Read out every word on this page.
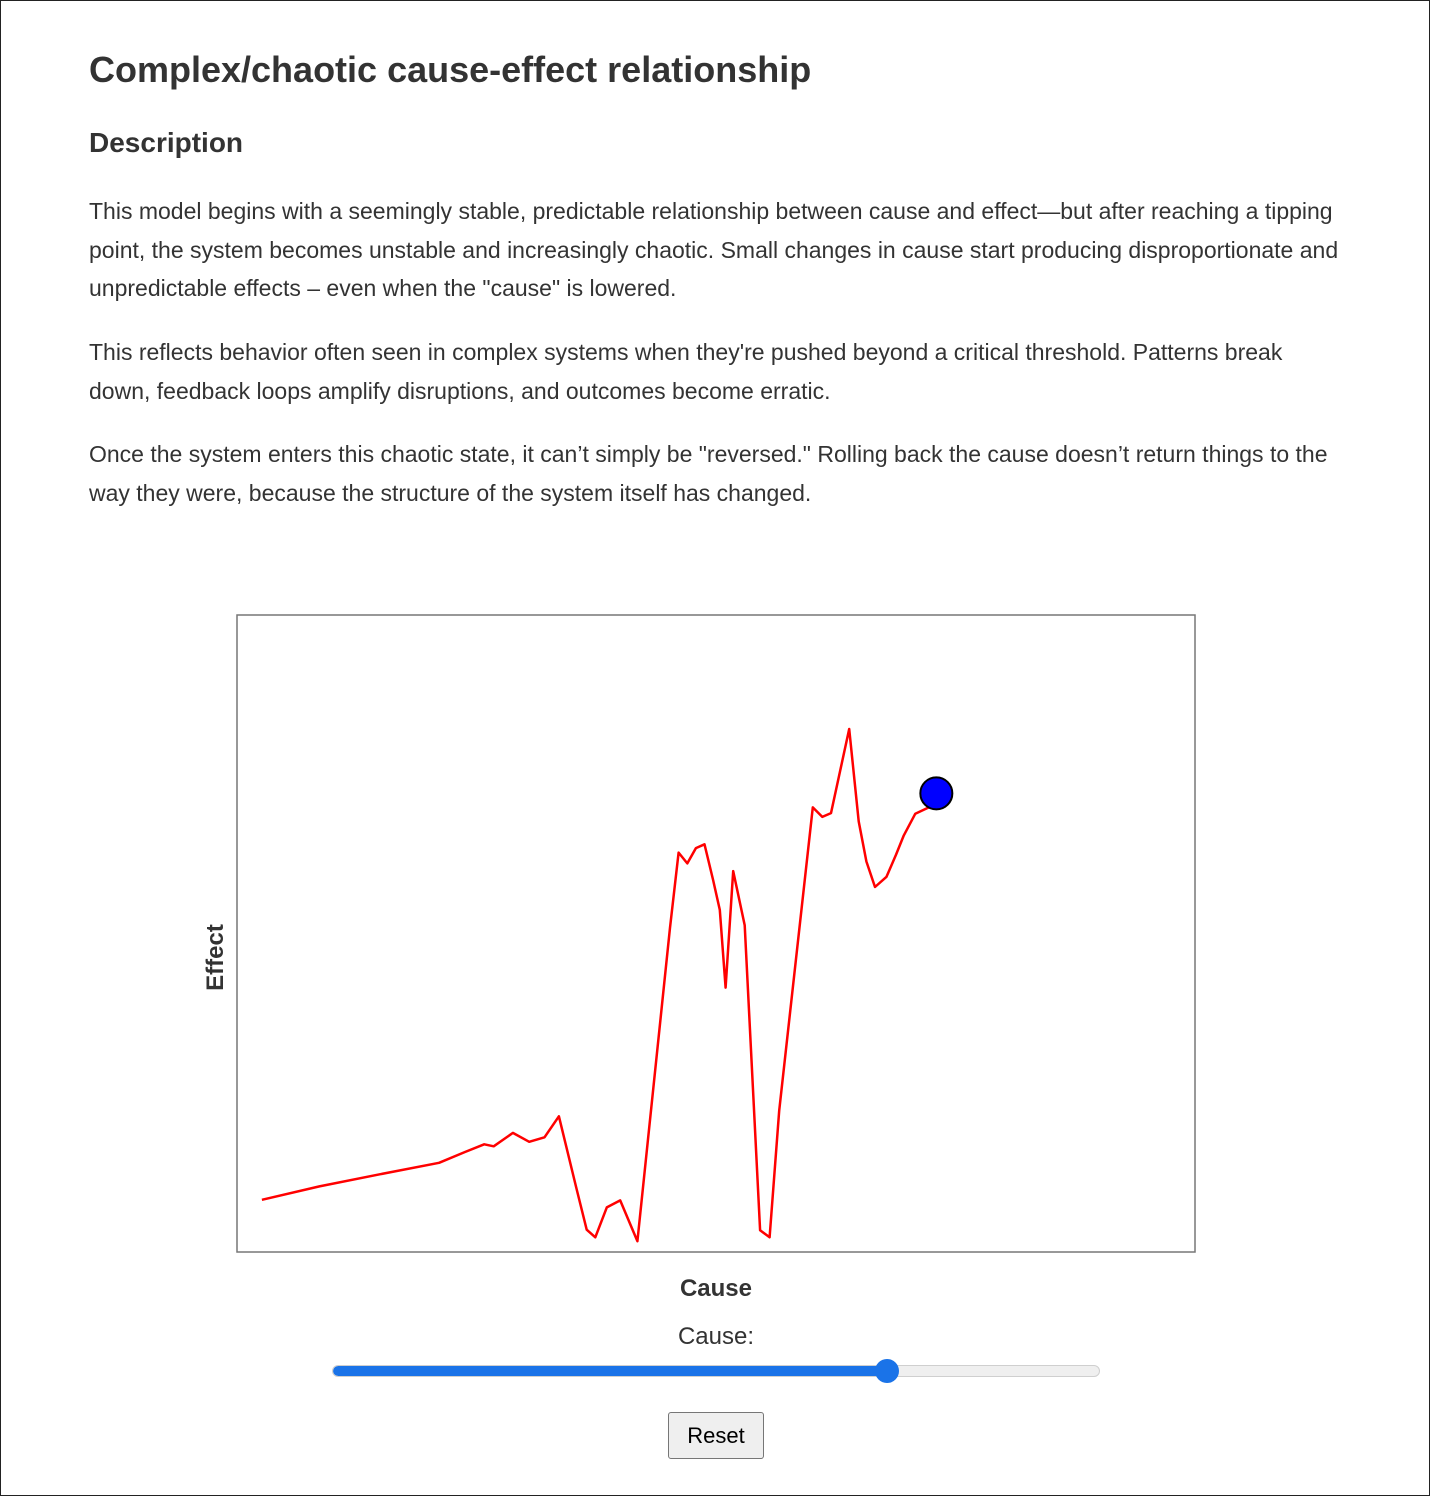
Complex/chaotic cause-effect relationship
Description

This model begins with a seemingly stable, predictable relationship between cause and effect—but after reaching a tipping point, the system becomes unstable and increasingly chaotic. Small changes in cause start producing disproportionate and unpredictable effects – even when the "cause" is lowered.

This reflects behavior often seen in complex systems when they're pushed beyond a critical threshold. Patterns break down, feedback loops amplify disruptions, and outcomes become erratic.

Once the system enters this chaotic state, it can’t simply be "reversed." Rolling back the cause doesn’t return things to the way they were, because the structure of the system itself has changed.

Cause
Effect
Cause:
Reset
